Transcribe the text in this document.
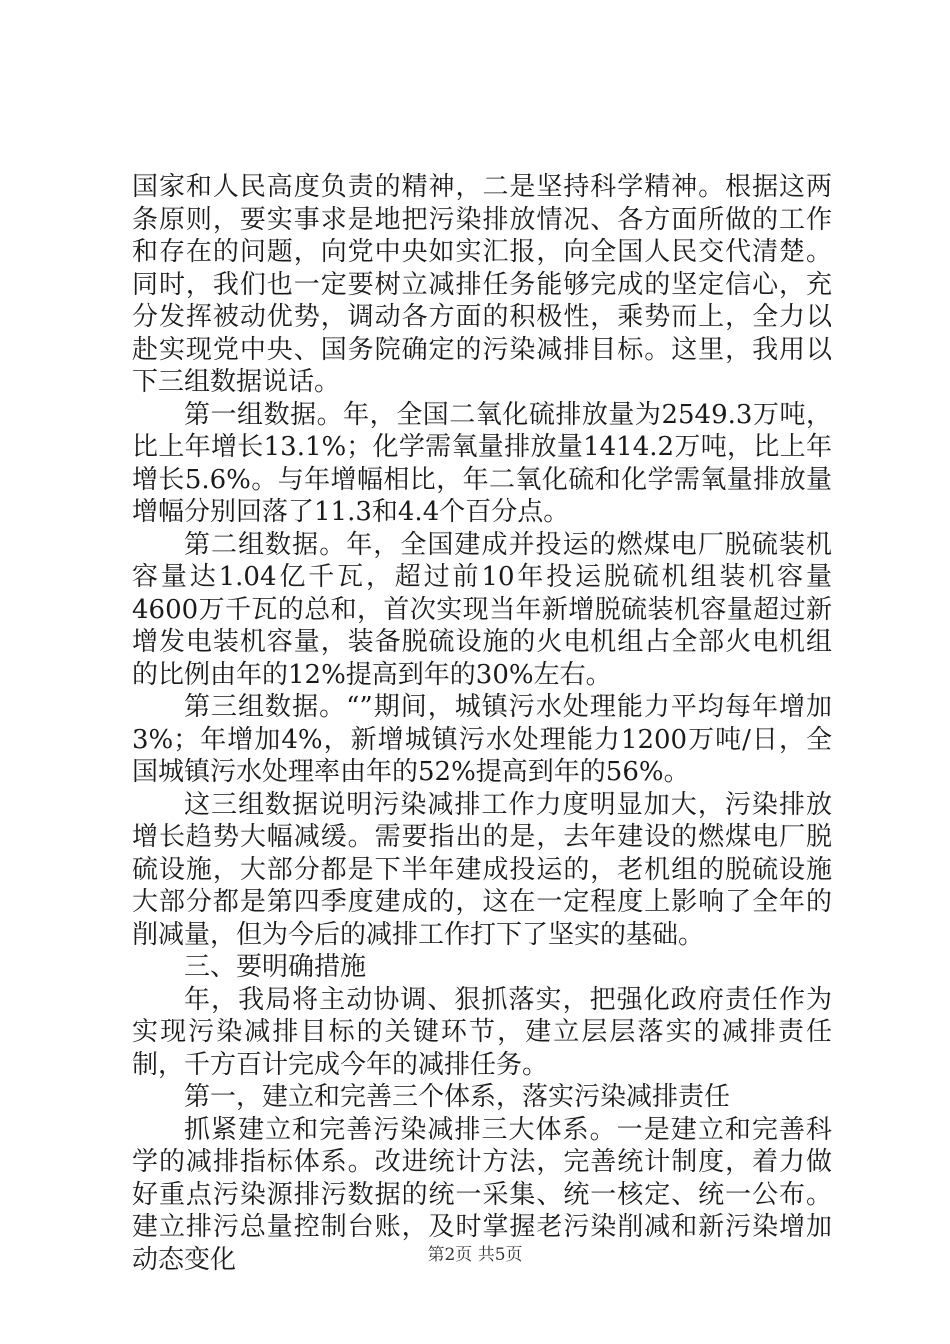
国家和人民高度负责的精神，二是坚持科学精神。根据这两条原则，要实事求是地把污染排放情况、各方面所做的工作和存在的问题，向党中央如实汇报，向全国人民交代清楚。同时，我们也一定要树立减排任务能够完成的坚定信心，充分发挥被动优势，调动各方面的积极性，乘势而上，全力以赴实现党中央、国务院确定的污染减排目标。这里，我用以下三组数据说话。

第一组数据。年，全国二氧化硫排放量为2549.3万吨，比上年增长13.1%；化学需氧量排放量1414.2万吨，比上年增长5.6%。与年增幅相比，年二氧化硫和化学需氧量排放量增幅分别回落了11.3和4.4个百分点。

第二组数据。年，全国建成并投运的燃煤电厂脱硫装机容量达1.04亿千瓦，超过前10年投运脱硫机组装机容量4600万千瓦的总和，首次实现当年新增脱硫装机容量超过新增发电装机容量，装备脱硫设施的火电机组占全部火电机组的比例由年的12%提高到年的30%左右。

第三组数据。“”期间，城镇污水处理能力平均每年增加3%；年增加4%，新增城镇污水处理能力1200万吨/日，全国城镇污水处理率由年的52%提高到年的56%。

这三组数据说明污染减排工作力度明显加大，污染排放增长趋势大幅减缓。需要指出的是，去年建设的燃煤电厂脱硫设施，大部分都是下半年建成投运的，老机组的脱硫设施大部分都是第四季度建成的，这在一定程度上影响了全年的削减量，但为今后的减排工作打下了坚实的基础。

三、要明确措施

年，我局将主动协调、狠抓落实，把强化政府责任作为实现污染减排目标的关键环节，建立层层落实的减排责任制，千方百计完成今年的减排任务。

第一，建立和完善三个体系，落实污染减排责任

抓紧建立和完善污染减排三大体系。一是建立和完善科学的减排指标体系。改进统计方法，完善统计制度，着力做好重点污染源排污数据的统一采集、统一核定、统一公布。建立排污总量控制台账，及时掌握老污染削减和新污染增加动态变化	第2页 共5页
